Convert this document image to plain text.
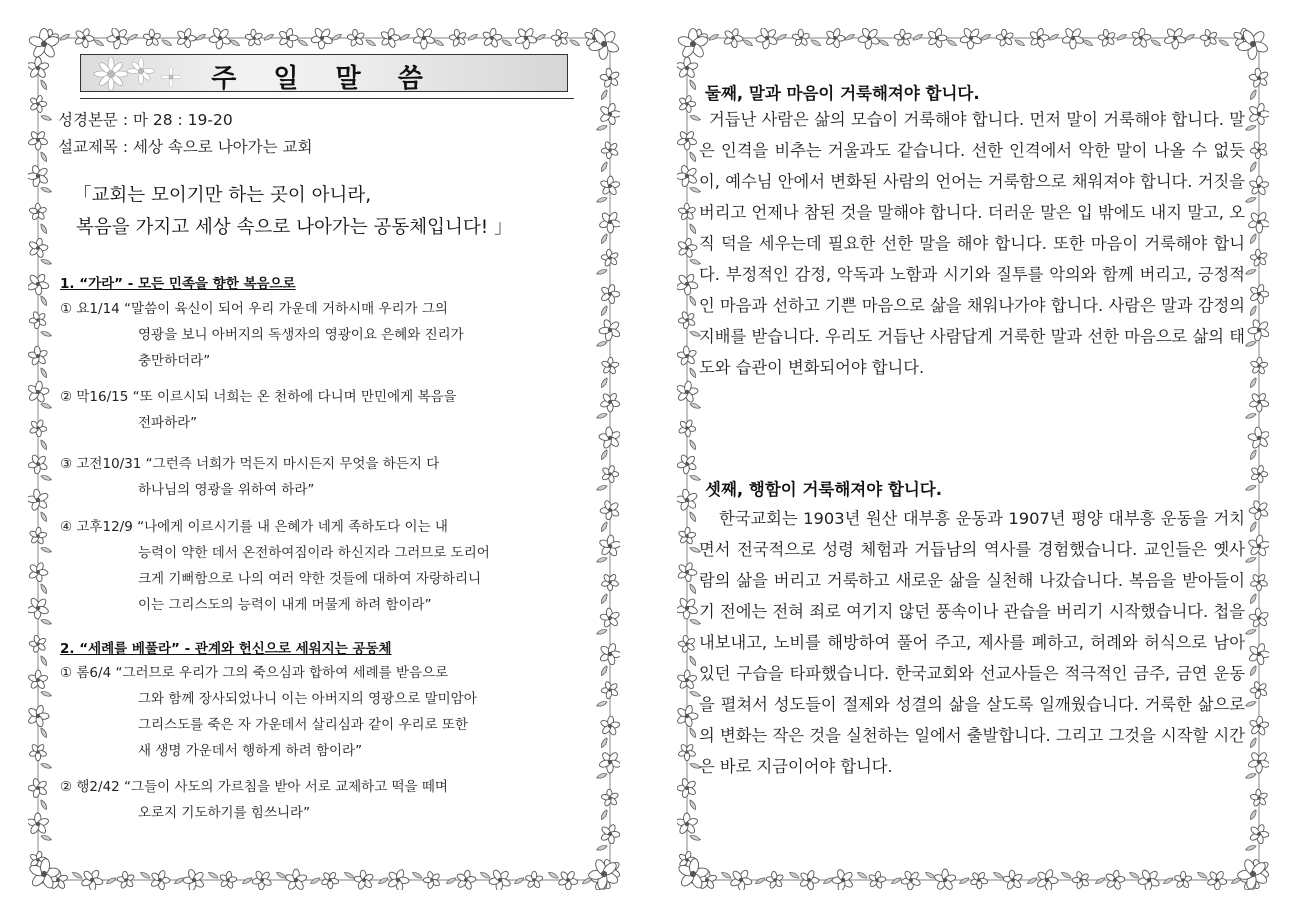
주 일 말 씀
성경본문 : 마 28 : 19-20
설교제목 : 세상 속으로 나아가는 교회
「교회는 모이기만 하는 곳이 아니라,
복음을 가지고 세상 속으로 나아가는 공동체입니다! 」
1. “가라” - 모든 민족을 향한 복음으로
① 요1/14 “말씀이 육신이 되어 우리 가운데 거하시매 우리가 그의
영광을 보니 아버지의 독생자의 영광이요 은혜와 진리가
충만하더라”
② 막16/15 “또 이르시되 너희는 온 천하에 다니며 만민에게 복음을
전파하라”
③ 고전10/31 “그런즉 너희가 먹든지 마시든지 무엇을 하든지 다
하나님의 영광을 위하여 하라”
④ 고후12/9 “나에게 이르시기를 내 은혜가 네게 족하도다 이는 내
능력이 약한 데서 온전하여짐이라 하신지라 그러므로 도리어
크게 기뻐함으로 나의 여러 약한 것들에 대하여 자랑하리니
이는 그리스도의 능력이 내게 머물게 하려 함이라”
2. “세례를 베풀라” - 관계와 헌신으로 세워지는 공동체
① 롬6/4 “그러므로 우리가 그의 죽으심과 합하여 세례를 받음으로
그와 함께 장사되었나니 이는 아버지의 영광으로 말미암아
그리스도를 죽은 자 가운데서 살리심과 같이 우리로 또한
새 생명 가운데서 행하게 하려 함이라”
② 행2/42 “그들이 사도의 가르침을 받아 서로 교제하고 떡을 떼며
오로지 기도하기를 힘쓰니라”
둘째, 말과 마음이 거룩해져야 합니다.
거듭난 사람은 삶의 모습이 거룩해야 합니다. 먼저 말이 거룩해야 합니다. 말은 인격을 비추는 거울과도 같습니다. 선한 인격에서 악한 말이 나올 수 없듯이, 예수님 안에서 변화된 사람의 언어는 거룩함으로 채워져야 합니다. 거짓을 버리고 언제나 참된 것을 말해야 합니다. 더러운 말은 입 밖에도 내지 말고, 오직 덕을 세우는데 필요한 선한 말을 해야 합니다. 또한 마음이 거룩해야 합니다. 부정적인 감정, 악독과 노함과 시기와 질투를 악의와 함께 버리고, 긍정적인 마음과 선하고 기쁜 마음으로 삶을 채워나가야 합니다. 사람은 말과 감정의 지배를 받습니다. 우리도 거듭난 사람답게 거룩한 말과 선한 마음으로 삶의 태도와 습관이 변화되어야 합니다.
셋째, 행함이 거룩해져야 합니다.
한국교회는 1903년 원산 대부흥 운동과 1907년 평양 대부흥 운동을 거치면서 전국적으로 성령 체험과 거듭남의 역사를 경험했습니다. 교인들은 옛사람의 삶을 버리고 거룩하고 새로운 삶을 실천해 나갔습니다. 복음을 받아들이기 전에는 전혀 죄로 여기지 않던 풍속이나 관습을 버리기 시작했습니다. 첩을 내보내고, 노비를 해방하여 풀어 주고, 제사를 폐하고, 허례와 허식으로 남아 있던 구습을 타파했습니다. 한국교회와 선교사들은 적극적인 금주, 금연 운동을 펼쳐서 성도들이 절제와 성결의 삶을 살도록 일깨웠습니다. 거룩한 삶으로의 변화는 작은 것을 실천하는 일에서 출발합니다. 그리고 그것을 시작할 시간은 바로 지금이어야 합니다.
